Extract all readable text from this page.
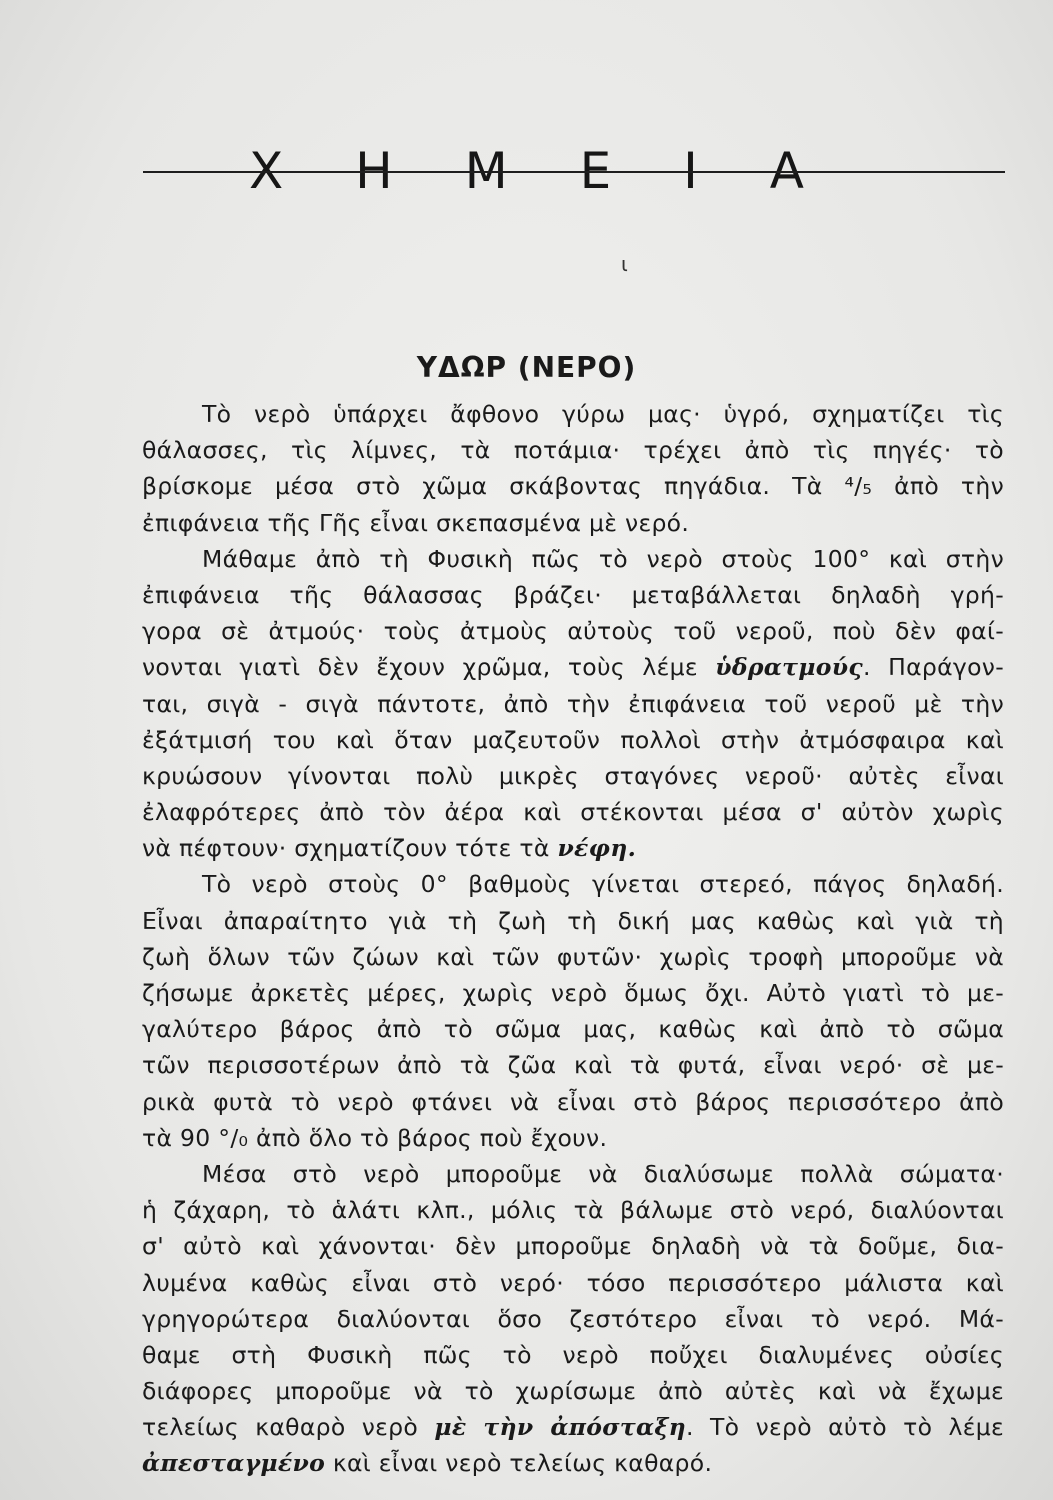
Χ Η Μ Ε Ι Α
ι
ΥΔΩΡ (ΝΕΡΟ)
Τὸ νερὸ ὑπάρχει ἄφθονο γύρω μας· ὑγρό, σχηματίζει τὶς
θάλασσες, τὶς λίμνες, τὰ ποτάμια· τρέχει ἀπὸ τὶς πηγές· τὸ
βρίσκομε μέσα στὸ χῶμα σκάβοντας πηγάδια. Τὰ ⁴/₅ ἀπὸ τὴν
ἐπιφάνεια τῆς Γῆς εἶναι σκεπασμένα μὲ νερό.
Μάθαμε ἀπὸ τὴ Φυσικὴ πῶς τὸ νερὸ στοὺς 100° καὶ στὴν
ἐπιφάνεια τῆς θάλασσας βράζει· μεταβάλλεται δηλαδὴ γρή-
γορα σὲ ἀτμούς· τοὺς ἀτμοὺς αὐτοὺς τοῦ νεροῦ, ποὺ δὲν φαί-
νονται γιατὶ δὲν ἔχουν χρῶμα, τοὺς λέμε ὑδρατμούς. Παράγον-
ται, σιγὰ - σιγὰ πάντοτε, ἀπὸ τὴν ἐπιφάνεια τοῦ νεροῦ μὲ τὴν
ἐξάτμισή του καὶ ὅταν μαζευτοῦν πολλοὶ στὴν ἀτμόσφαιρα καὶ
κρυώσουν γίνονται πολὺ μικρὲς σταγόνες νεροῦ· αὐτὲς εἶναι
ἐλαφρότερες ἀπὸ τὸν ἀέρα καὶ στέκονται μέσα σ' αὐτὸν χωρὶς
νὰ πέφτουν· σχηματίζουν τότε τὰ νέφη.
Τὸ νερὸ στοὺς 0° βαθμοὺς γίνεται στερεό, πάγος δηλαδή.
Εἶναι ἀπαραίτητο γιὰ τὴ ζωὴ τὴ δική μας καθὼς καὶ γιὰ τὴ
ζωὴ ὅλων τῶν ζώων καὶ τῶν φυτῶν· χωρὶς τροφὴ μποροῦμε νὰ
ζήσωμε ἀρκετὲς μέρες, χωρὶς νερὸ ὅμως ὄχι. Αὐτὸ γιατὶ τὸ με-
γαλύτερο βάρος ἀπὸ τὸ σῶμα μας, καθὼς καὶ ἀπὸ τὸ σῶμα
τῶν περισσοτέρων ἀπὸ τὰ ζῶα καὶ τὰ φυτά, εἶναι νερό· σὲ με-
ρικὰ φυτὰ τὸ νερὸ φτάνει νὰ εἶναι στὸ βάρος περισσότερο ἀπὸ
τὰ 90 °/₀ ἀπὸ ὅλο τὸ βάρος ποὺ ἔχουν.
Μέσα στὸ νερὸ μποροῦμε νὰ διαλύσωμε πολλὰ σώματα·
ἡ ζάχαρη, τὸ ἁλάτι κλπ., μόλις τὰ βάλωμε στὸ νερό, διαλύονται
σ' αὐτὸ καὶ χάνονται· δὲν μποροῦμε δηλαδὴ νὰ τὰ δοῦμε, δια-
λυμένα καθὼς εἶναι στὸ νερό· τόσο περισσότερο μάλιστα καὶ
γρηγορώτερα διαλύονται ὅσο ζεστότερο εἶναι τὸ νερό. Μά-
θαμε στὴ Φυσικὴ πῶς τὸ νερὸ ποὔχει διαλυμένες οὐσίες
διάφορες μποροῦμε νὰ τὸ χωρίσωμε ἀπὸ αὐτὲς καὶ νὰ ἔχωμε
τελείως καθαρὸ νερὸ μὲ τὴν ἀπόσταξη. Τὸ νερὸ αὐτὸ τὸ λέμε
ἀπεσταγμένο καὶ εἶναι νερὸ τελείως καθαρό.
